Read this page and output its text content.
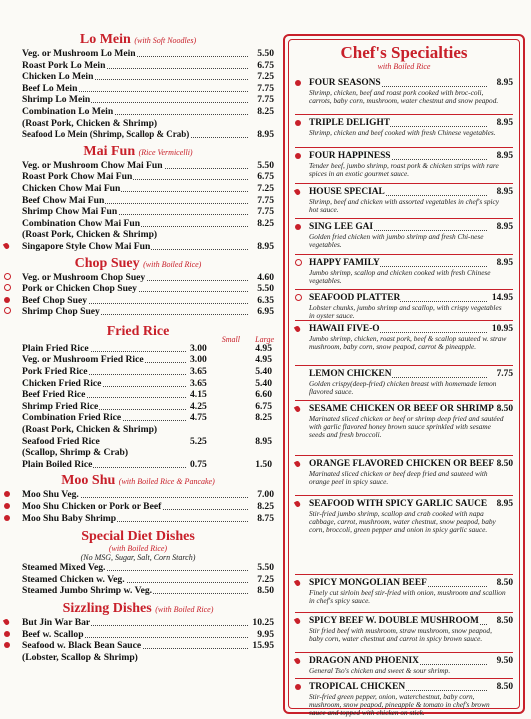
Lo Mein (with Soft Noodles)
Veg. or Mushroom Lo Mein	5.50
Roast Pork Lo Mein	6.75
Chicken Lo Mein	7.25
Beef Lo Mein	7.75
Shrimp Lo Mein	7.75
Combination Lo Mein	8.25
(Roast Pork, Chicken & Shrimp)
Seafood Lo Mein (Shrimp, Scallop & Crab)	8.95
Mai Fun (Rice Vermicelli)
Veg. or Mushroom Chow Mai Fun	5.50
Roast Pork Chow Mai Fun	6.75
Chicken Chow Mai Fun	7.25
Beef Chow Mai Fun	7.75
Shrimp Chow Mai Fun	7.75
Combination Chow Mai Fun	8.25
(Roast Pork, Chicken & Shrimp)
Singapore Style Chow Mai Fun	8.95
Chop Suey (with Boiled Rice)
Veg. or Mushroom Chop Suey	4.60
Pork or Chicken Chop Suey	5.50
Beef Chop Suey	6.35
Shrimp Chop Suey	6.95
Fried Rice
Small Large
Plain Fried Rice	3.00	4.95
Veg. or Mushroom Fried Rice	3.00	4.95
Pork Fried Rice	3.65	5.40
Chicken Fried Rice	3.65	5.40
Beef Fried Rice	4.15	6.60
Shrimp Fried Rice	4.25	6.75
Combination Fried Rice	4.75	8.25
(Roast Pork, Chicken & Shrimp)
Seafood Fried Rice	5.25	8.95
(Scallop, Shrimp & Crab)
Plain Boiled Rice	0.75	1.50
Moo Shu (with Boiled Rice & Pancake)
Moo Shu Veg.	7.00
Moo Shu Chicken or Pork or Beef	8.25
Moo Shu Baby Shrimp	8.75
Special Diet Dishes
(with Boiled Rice)
(No MSG, Sugar, Salt, Corn Starch)
Steamed Mixed Veg.	5.50
Steamed Chicken w. Veg.	7.25
Steamed Jumbo Shrimp w. Veg.	8.50
Sizzling Dishes (with Boiled Rice)
But Jin War Bar	10.25
Beef w. Scallop	9.95
Seafood w. Black Bean Sauce	15.95
(Lobster, Scallop & Shrimp)
Chef's Specialties
with Boiled Rice
FOUR SEASONS	8.95
Shrimp, chicken, beef and roast pork cooked with broc-coli, carrots, baby corn, mushroom, water chestnut and snow peapod.
TRIPLE DELIGHT	8.95
Shrimp, chicken and beef cooked with fresh Chinese vegetables.
FOUR HAPPINESS	8.95
Tender beef, jumbo shrimp, roast pork & chicken strips with rare spices in an exotic gourmet sauce.
HOUSE SPECIAL	8.95
Shrimp, beef and chicken with assorted vegetables in chef's spicy hot sauce.
SING LEE GAI	8.95
Golden fried chicken with jumbo shrimp and fresh Chi-nese vegetables.
HAPPY FAMILY	8.95
Jumbo shrimp, scallop and chicken cooked with fresh Chinese vegetables.
SEAFOOD PLATTER	14.95
Lobster chunks, jumbo shrimp and scallop, with crispy vegetables in oyster sauce.
HAWAII FIVE-O	10.95
Jumbo shrimp, chicken, roast pork, beef & scallop sauteed w. straw mushroom, baby corn, snow peapod, carrot & pineapple.
LEMON CHICKEN	7.75
Golden crispy(deep-fried) chicken breast with homemade lemon flavored sauce.
SESAME CHICKEN OR BEEF OR SHRIMP 8.50
Marinated sliced chicken or beef or shrimp deep fried and sautéed with garlic flavored honey brown sauce sprinkled with sesame seeds and fresh broccoli.
ORANGE FLAVORED CHICKEN OR BEEF 8.50
Marinated sliced chicken or beef deep fried and sauteed with orange peel in spicy sauce.
SEAFOOD WITH SPICY GARLIC SAUCE 8.95
Stir-fried jumbo shrimp, scallop and crab cooked with napa cabbage, carrot, mushroom, water chestnut, snow peapod, baby corn, broccoli, green pepper and onion in spicy garlic sauce.
SPICY MONGOLIAN BEEF	8.50
Finely cut sirloin beef stir-fried with onion, mushroom and scallion in chef's spicy sauce.
SPICY BEEF W. DOUBLE MUSHROOM 8.50
Stir fried beef with mushroom, straw mushroom, snow peapod, baby corn, water chestnut and carrot in spicy brown sauce.
DRAGON AND PHOENIX	9.50
General Tso's chicken and sweet & sour shrimp.
TROPICAL CHICKEN	8.50
Stir-fried green pepper, onion, waterchestnut, baby corn, mushroom, snow peapod, pineapple & tomato in chef's brown sauce and topped with chicken on stick.
